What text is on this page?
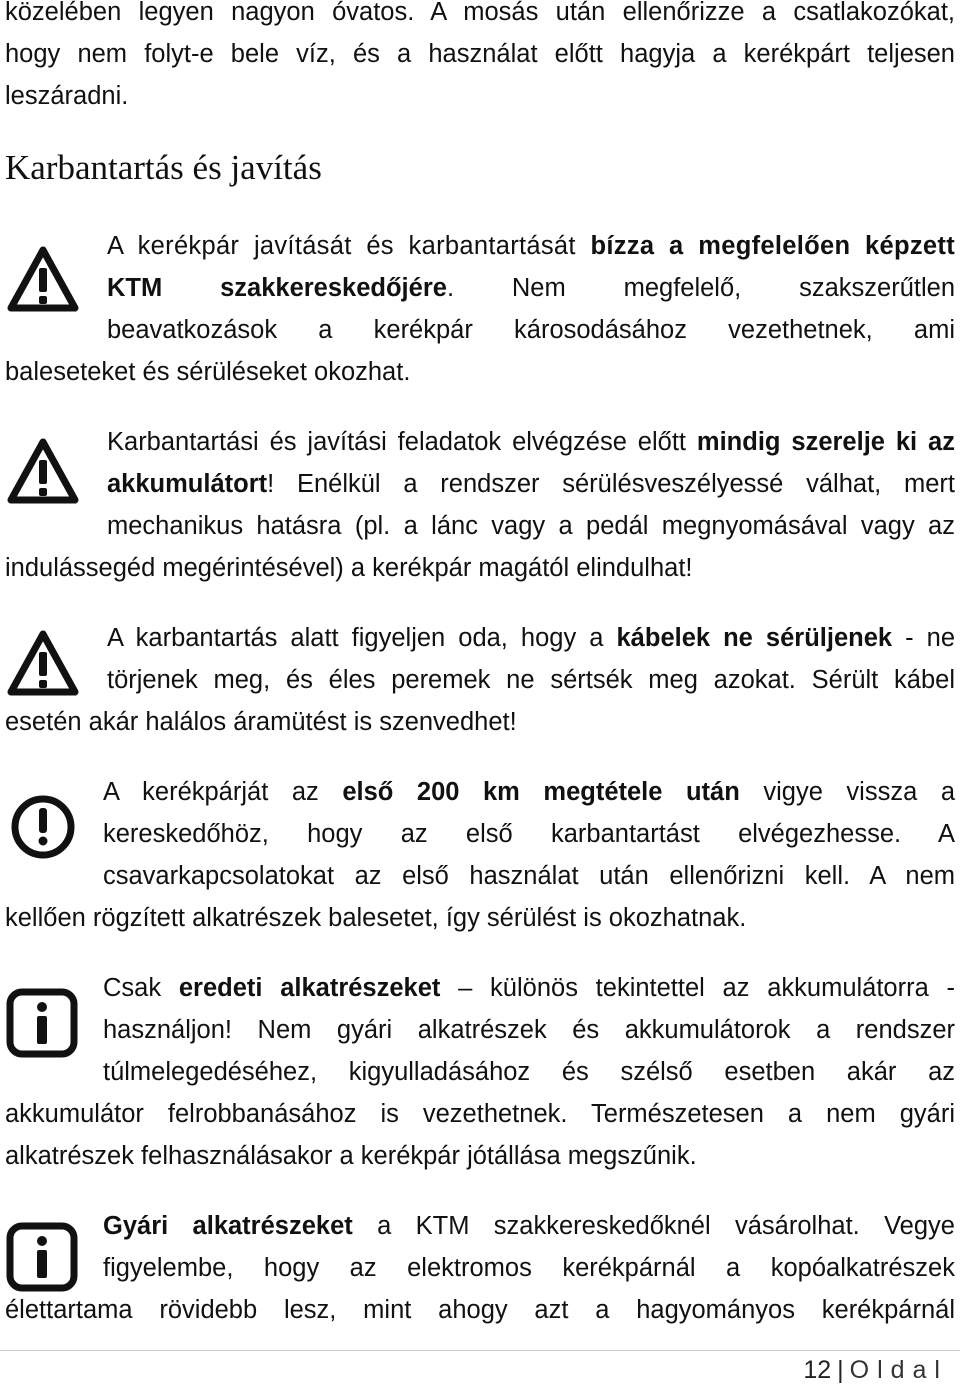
közelében legyen nagyon óvatos. A mosás után ellenőrizze a csatlakozókat,
hogy nem folyt-e bele víz, és a használat előtt hagyja a kerékpárt teljesen
leszáradni.
Karbantartás és javítás
A kerékpár javítását és karbantartását bízza a megfelelően képzett
KTM szakkereskedőjére. Nem megfelelő, szakszerűtlen
beavatkozások a kerékpár károsodásához vezethetnek, ami
baleseteket és sérüléseket okozhat.
Karbantartási és javítási feladatok elvégzése előtt mindig szerelje ki az
akkumulátort! Enélkül a rendszer sérülésveszélyessé válhat, mert
mechanikus hatásra (pl. a lánc vagy a pedál megnyomásával vagy az
indulássegéd megérintésével) a kerékpár magától elindulhat!
A karbantartás alatt figyeljen oda, hogy a kábelek ne sérüljenek - ne
törjenek meg, és éles peremek ne sértsék meg azokat. Sérült kábel
esetén akár halálos áramütést is szenvedhet!
A kerékpárját az első 200 km megtétele után vigye vissza a
kereskedőhöz, hogy az első karbantartást elvégezhesse. A
csavarkapcsolatokat az első használat után ellenőrizni kell. A nem
kellően rögzített alkatrészek balesetet, így sérülést is okozhatnak.
Csak eredeti alkatrészeket – különös tekintettel az akkumulátorra -
használjon! Nem gyári alkatrészek és akkumulátorok a rendszer
túlmelegedéséhez, kigyulladásához és szélső esetben akár az
akkumulátor felrobbanásához is vezethetnek. Természetesen a nem gyári
alkatrészek felhasználásakor a kerékpár jótállása megszűnik.
Gyári alkatrészeket a KTM szakkereskedőknél vásárolhat. Vegye
figyelembe, hogy az elektromos kerékpárnál a kopóalkatrészek
élettartama rövidebb lesz, mint ahogy azt a hagyományos kerékpárnál
12 | Oldal
